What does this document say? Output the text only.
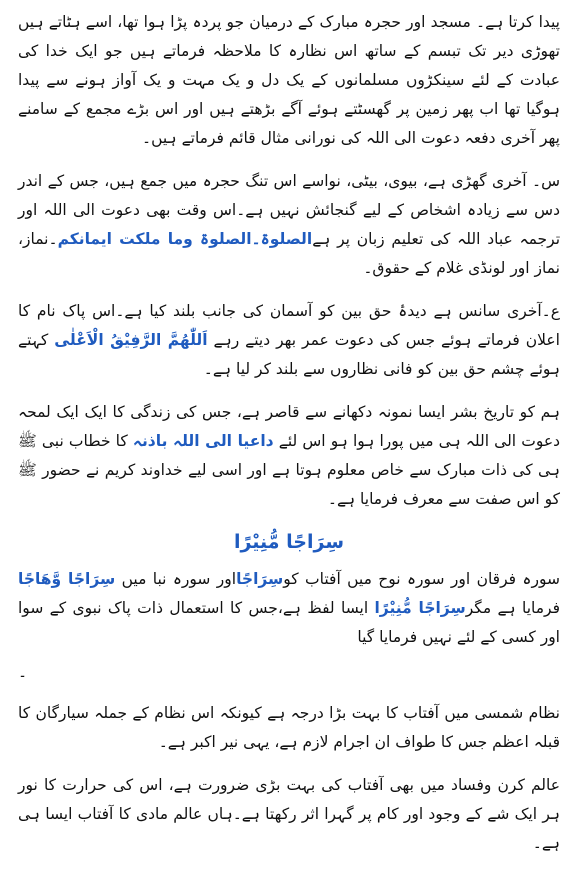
پیدا کرتا ہے۔ مسجد اور حجرہ مبارک کے درمیان جو پردہ پڑا ہوا تھا، اسے ہٹاتے ہیں تھوڑی دیر تک تبسم کے ساتھ اس نظارہ کا ملاحظہ فرماتے ہیں جو ایک خدا کی عبادت کے لئے سینکڑوں مسلمانوں کے یک دل و یک مہت و یک آواز ہونے سے پیدا ہوگیا تھا اب پھر زمین پر گھسٹتے ہوئے آگے بڑھتے ہیں اور اس بڑے مجمع کے سامنے پھر آخری دفعہ دعوت الی اللہ کی نورانی مثال قائم فرماتے ہیں۔

س۔ آخری گھڑی ہے، بیوی، بیٹی، نواسے اس تنگ حجرہ میں جمع ہیں، جس کے اندر دس سے زیادہ اشخاص کے لیے گنجائش نہیں ہے۔اس وقت بھی دعوت الی اللہ اور ترجمہ عباد اللہ کی تعلیم زبان پر ہےالصلوۃ۔الصلوۃ وما ملکت ایمانکم۔نماز، نماز اور لونڈی غلام کے حقوق۔

ع۔آخری سانس ہے دیدۂ حق بین کو آسمان کی جانب بلند کیا ہے۔اس پاک نام کا اعلان فرماتے ہوئے جس کی دعوت عمر بھر دیتے رہے اَللّٰهُمَّ الرَّفِيْقُ الْاَعْلٰى کہتے ہوئے چشم حق بین کو فانی نظاروں سے بلند کر لیا ہے۔

ہم کو تاریخ بشر ایسا نمونہ دکھانے سے قاصر ہے، جس کی زندگی کا ایک ایک لمحہ دعوت الی اللہ ہی میں پورا ہوا ہو اس لئے داعیا الی اللہ باذنہ کا خطاب نبی ﷺ ہی کی ذات مبارک سے خاص معلوم ہوتا ہے اور اسی لیے خداوند کریم نے حضور ﷺ کو اس صفت سے معرف فرمایا ہے۔

سِرَاجًا مُّنِيْرًا

سورہ فرقان اور سورہ نوح میں آفتاب کوسِرَاجًااور سورہ نبا میں سِرَاجًا وَّهَاجًا فرمایا ہے مگرسِرَاجًا مُّنِيْرًا ایسا لفظ ہے،جس کا استعمال ذات پاک نبوی کے سوا اور کسی کے لئے نہیں فرمایا گیا

۔

نظام شمسی میں آفتاب کا بہت بڑا درجہ ہے کیونکہ اس نظام کے جملہ سیارگان کا قبلہ اعظم جس کا طواف ان اجرام لازم ہے، یہی نیر اکبر ہے۔

عالم کرن وفساد میں بھی آفتاب کی بہت بڑی ضرورت ہے، اس کی حرارت کا نور ہر ایک شے کے وجود اور کام پر گہرا اثر رکھتا ہے۔ہاں عالم مادی کا آفتاب ایسا ہی ہے۔
